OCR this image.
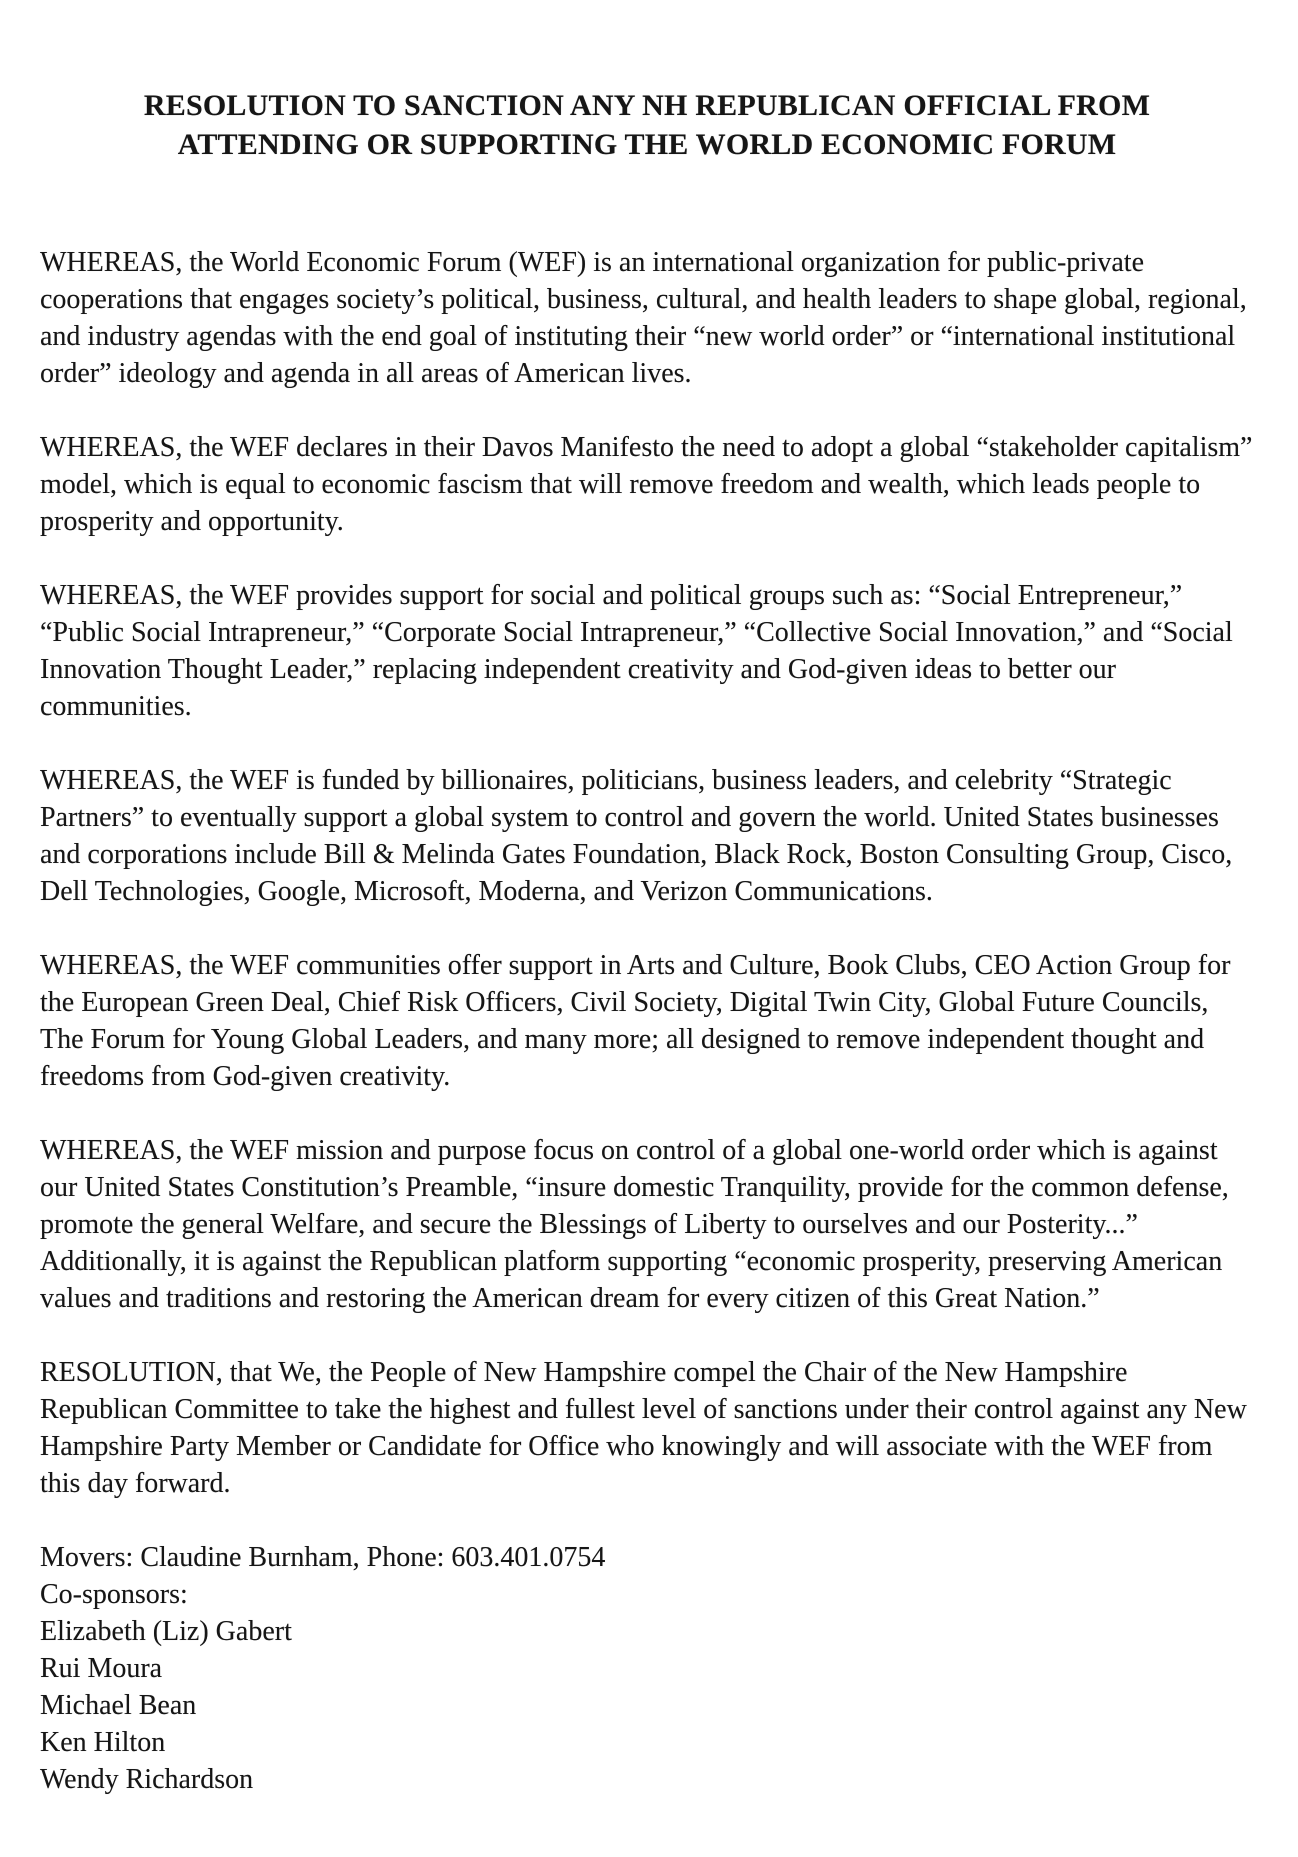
RESOLUTION TO SANCTION ANY NH REPUBLICAN OFFICIAL FROM
ATTENDING OR SUPPORTING THE WORLD ECONOMIC FORUM

WHEREAS, the World Economic Forum (WEF) is an international organization for public-private cooperations that engages society’s political, business, cultural, and health leaders to shape global, regional, and industry agendas with the end goal of instituting their “new world order” or “international institutional order” ideology and agenda in all areas of American lives.

WHEREAS, the WEF declares in their Davos Manifesto the need to adopt a global “stakeholder capitalism” model, which is equal to economic fascism that will remove freedom and wealth, which leads people to prosperity and opportunity.

WHEREAS, the WEF provides support for social and political groups such as: “Social Entrepreneur,” “Public Social Intrapreneur,” “Corporate Social Intrapreneur,” “Collective Social Innovation,” and “Social Innovation Thought Leader,” replacing independent creativity and God-given ideas to better our communities.

WHEREAS, the WEF is funded by billionaires, politicians, business leaders, and celebrity “Strategic Partners” to eventually support a global system to control and govern the world. United States businesses and corporations include Bill & Melinda Gates Foundation, Black Rock, Boston Consulting Group, Cisco, Dell Technologies, Google, Microsoft, Moderna, and Verizon Communications.

WHEREAS, the WEF communities offer support in Arts and Culture, Book Clubs, CEO Action Group for the European Green Deal, Chief Risk Officers, Civil Society, Digital Twin City, Global Future Councils, The Forum for Young Global Leaders, and many more; all designed to remove independent thought and freedoms from God-given creativity.

WHEREAS, the WEF mission and purpose focus on control of a global one-world order which is against our United States Constitution’s Preamble, “insure domestic Tranquility, provide for the common defense, promote the general Welfare, and secure the Blessings of Liberty to ourselves and our Posterity...” Additionally, it is against the Republican platform supporting “economic prosperity, preserving American values and traditions and restoring the American dream for every citizen of this Great Nation.”

RESOLUTION, that We, the People of New Hampshire compel the Chair of the New Hampshire Republican Committee to take the highest and fullest level of sanctions under their control against any New Hampshire Party Member or Candidate for Office who knowingly and will associate with the WEF from this day forward.

Movers: Claudine Burnham, Phone: 603.401.0754

Co-sponsors:

Elizabeth (Liz) Gabert

Rui Moura

Michael Bean

Ken Hilton

Wendy Richardson
